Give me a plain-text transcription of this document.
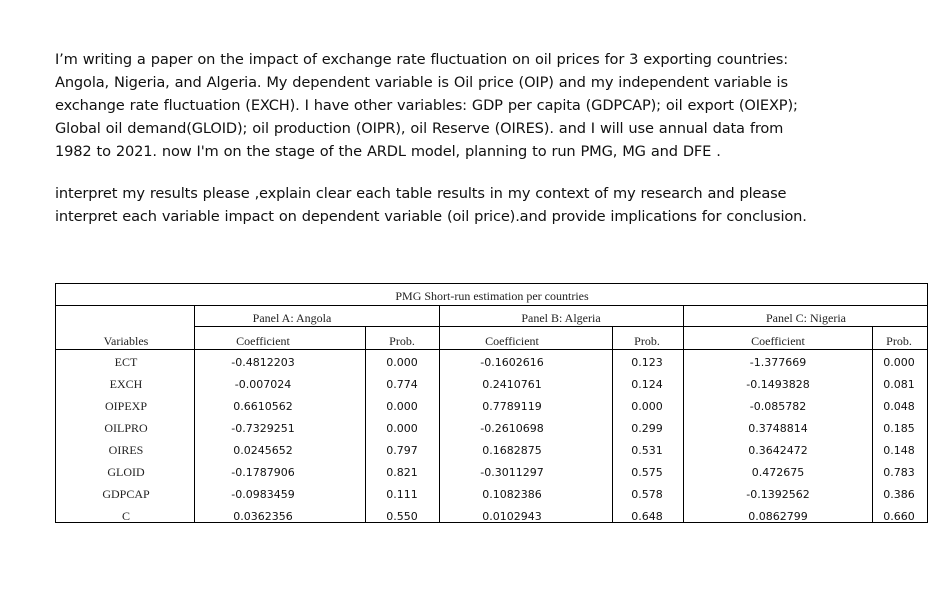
I’m writing a paper on the impact of exchange rate fluctuation on oil prices for 3 exporting countries:
Angola, Nigeria, and Algeria. My dependent variable is Oil price (OIP) and my independent variable is
exchange rate fluctuation (EXCH). I have other variables: GDP per capita (GDPCAP); oil export (OIEXP);
Global oil demand(GLOID); oil production (OIPR), oil Reserve (OIRES). and I will use annual data from
1982 to 2021. now I'm on the stage of the ARDL model, planning to run PMG, MG and DFE .
interpret my results please ,explain clear each table results in my context of my research and please
interpret each variable impact on dependent variable (oil price).and provide implications for conclusion.
PMG Short-run estimation per countries
Panel A: Angola	Panel B: Algeria	Panel C: Nigeria
Variables	Coefficient	Prob.	Coefficient	Prob.	Coefficient	Prob.
ECT	-0.4812203	0.000	-0.1602616	0.123	-1.377669	0.000
EXCH	-0.007024	0.774	0.2410761	0.124	-0.1493828	0.081
OIPEXP	0.6610562	0.000	0.7789119	0.000	-0.085782	0.048
OILPRO	-0.7329251	0.000	-0.2610698	0.299	0.3748814	0.185
OIRES	0.0245652	0.797	0.1682875	0.531	0.3642472	0.148
GLOID	-0.1787906	0.821	-0.3011297	0.575	0.472675	0.783
GDPCAP	-0.0983459	0.111	0.1082386	0.578	-0.1392562	0.386
C	0.0362356	0.550	0.0102943	0.648	0.0862799	0.660
